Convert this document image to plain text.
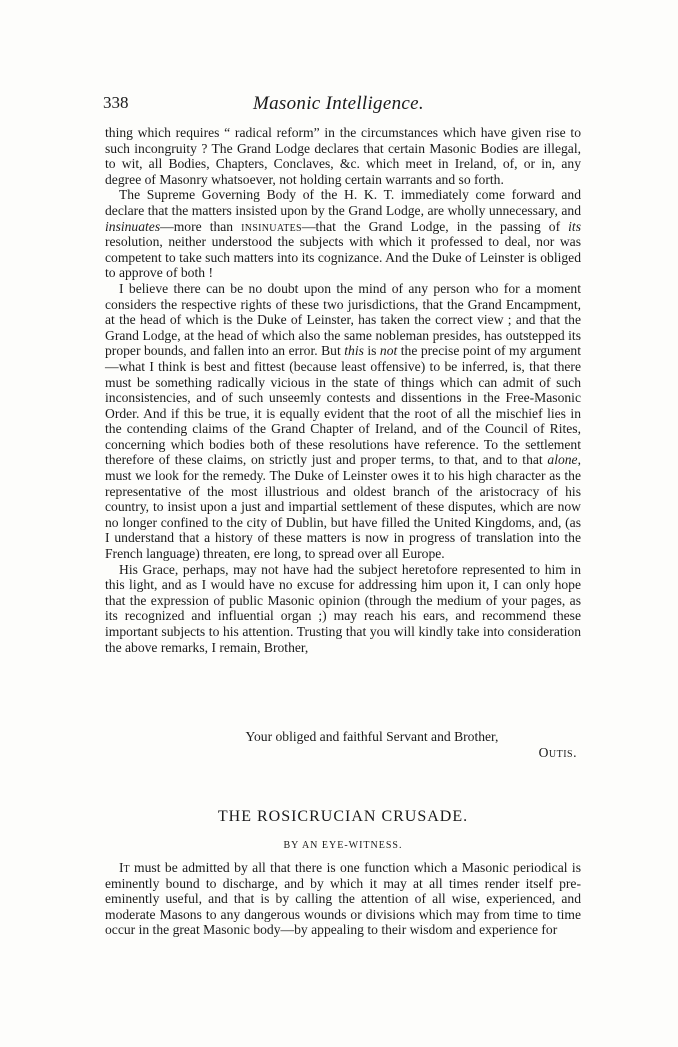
338	Masonic Intelligence.

thing which requires “ radical reform” in the circumstances which have given rise to such incongruity ? The Grand Lodge declares that certain Masonic Bodies are illegal, to wit, all Bodies, Chapters, Conclaves, &c. which meet in Ireland, of, or in, any degree of Masonry whatsoever, not holding certain warrants and so forth.

The Supreme Governing Body of the H. K. T. immediately come forward and declare that the matters insisted upon by the Grand Lodge, are wholly unnecessary, and insinuates—more than insinuates—that the Grand Lodge, in the passing of its resolution, neither understood the subjects with which it professed to deal, nor was competent to take such matters into its cognizance. And the Duke of Leinster is obliged to approve of both !

I believe there can be no doubt upon the mind of any person who for a moment considers the respective rights of these two jurisdictions, that the Grand Encampment, at the head of which is the Duke of Leinster, has taken the correct view ; and that the Grand Lodge, at the head of which also the same nobleman presides, has outstepped its proper bounds, and fallen into an error. But this is not the precise point of my argument—what I think is best and fittest (because least offensive) to be inferred, is, that there must be something radically vicious in the state of things which can admit of such inconsistencies, and of such unseemly contests and dissentions in the Free-Masonic Order. And if this be true, it is equally evident that the root of all the mischief lies in the contending claims of the Grand Chapter of Ireland, and of the Council of Rites, concerning which bodies both of these resolutions have reference. To the settlement therefore of these claims, on strictly just and proper terms, to that, and to that alone, must we look for the remedy. The Duke of Leinster owes it to his high character as the representative of the most illustrious and oldest branch of the aristocracy of his country, to insist upon a just and impartial settlement of these disputes, which are now no longer confined to the city of Dublin, but have filled the United Kingdoms, and, (as I understand that a history of these matters is now in progress of translation into the French language) threaten, ere long, to spread over all Europe.

His Grace, perhaps, may not have had the subject heretofore represented to him in this light, and as I would have no excuse for addressing him upon it, I can only hope that the expression of public Masonic opinion (through the medium of your pages, as its recognized and influential organ ;) may reach his ears, and recommend these important subjects to his attention. Trusting that you will kindly take into consideration the above remarks, I remain, Brother,

Your obliged and faithful Servant and Brother,
Outis.
THE ROSICRUCIAN CRUSADE.
BY AN EYE-WITNESS.

It must be admitted by all that there is one function which a Masonic periodical is eminently bound to discharge, and by which it may at all times render itself pre-eminently useful, and that is by calling the attention of all wise, experienced, and moderate Masons to any dangerous wounds or divisions which may from time to time occur in the great Masonic body—by appealing to their wisdom and experience for
